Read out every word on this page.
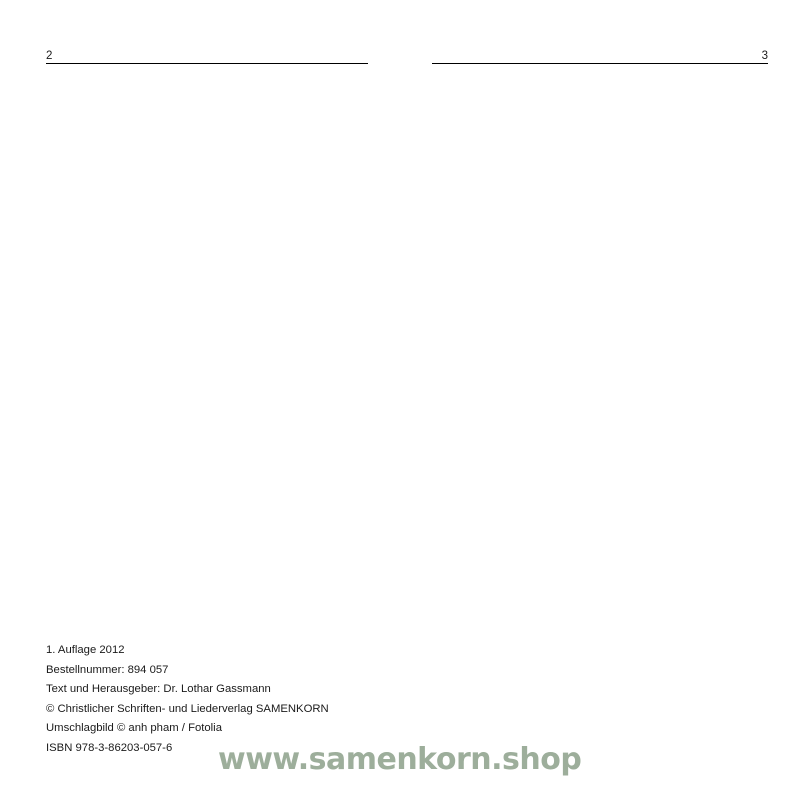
2
1. Auflage 2012
Bestellnummer: 894 057
Text und Herausgeber: Dr. Lothar Gassmann
© Christlicher Schriften- und Liederverlag SAMENKORN
Umschlagbild © anh pham / Fotolia
ISBN 978-3-86203-057-6
3

www.samenkorn.shop
